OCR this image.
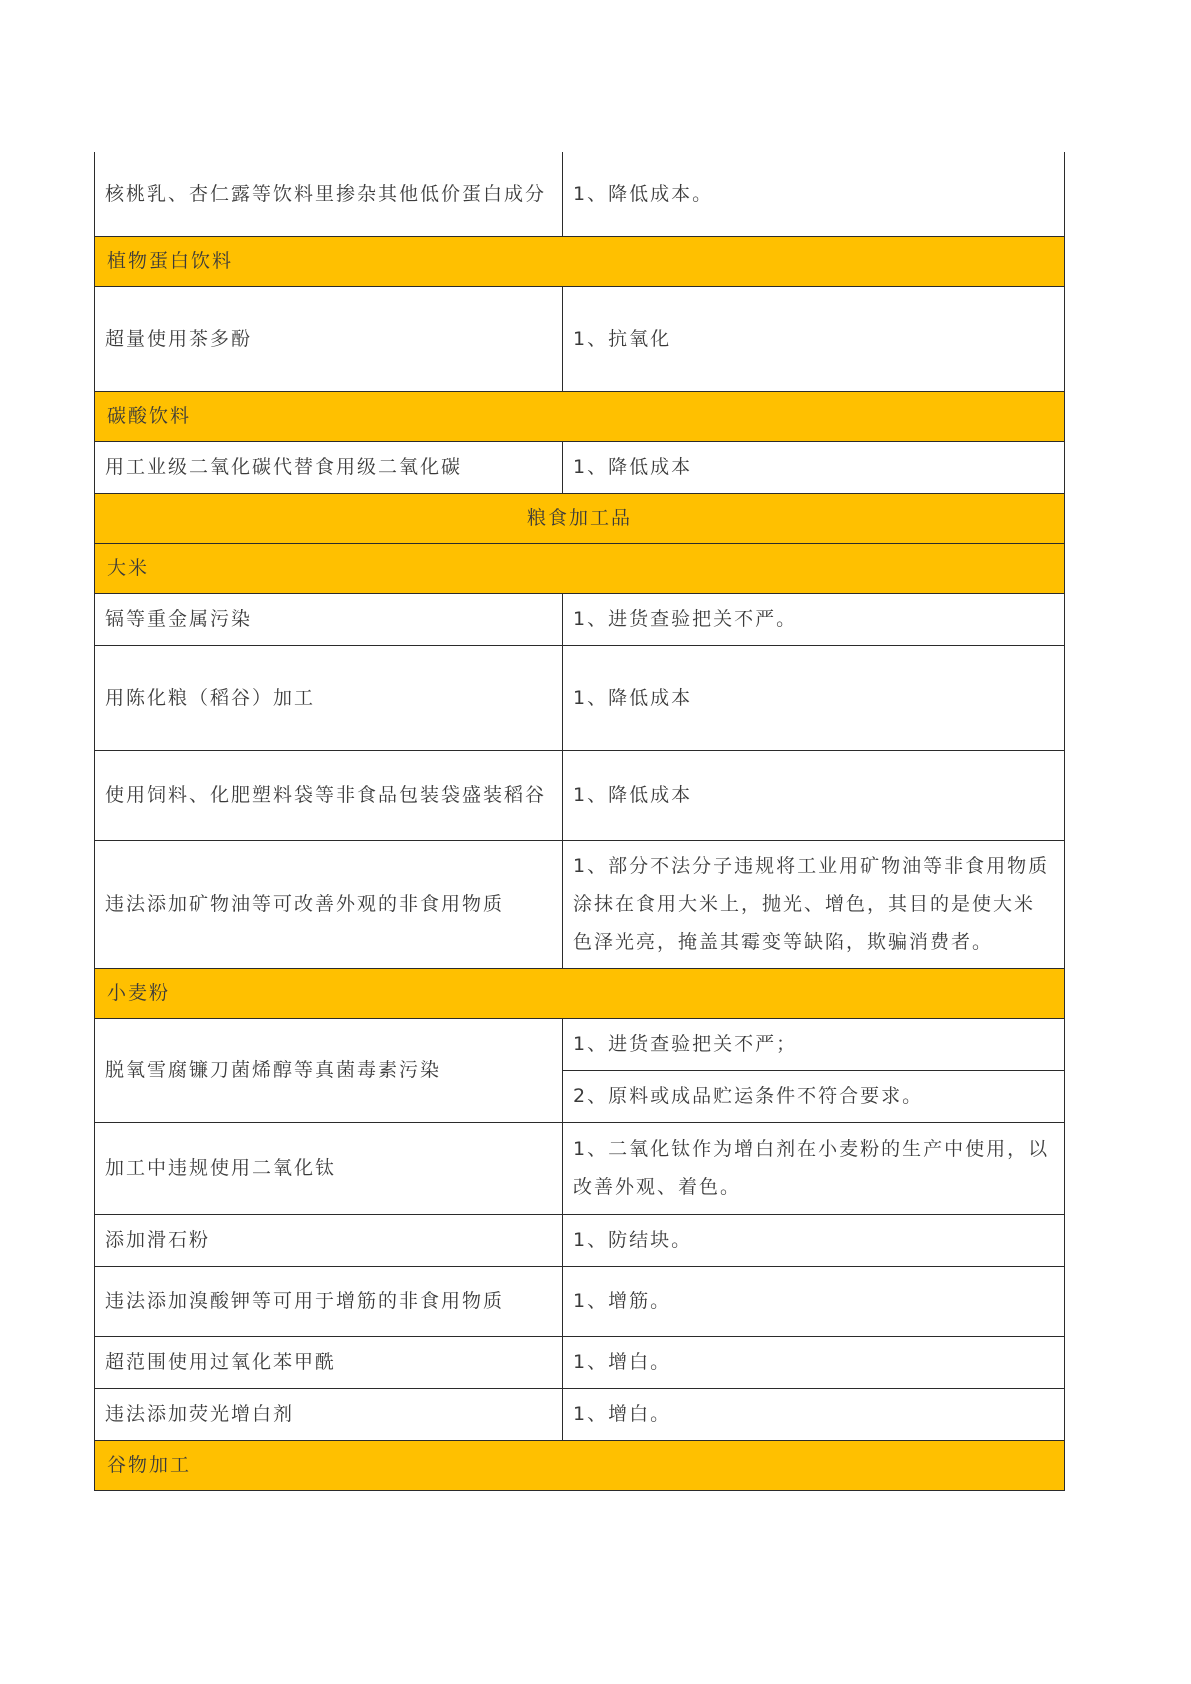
核桃乳、杏仁露等饮料里掺杂其他低价蛋白成分	1、降低成本。
植物蛋白饮料	
超量使用茶多酚	1、抗氧化
碳酸饮料	
用工业级二氧化碳代替食用级二氧化碳	1、降低成本
粮食加工品	
大米	
镉等重金属污染	1、进货查验把关不严。
用陈化粮（稻谷）加工	1、降低成本
使用饲料、化肥塑料袋等非食品包装袋盛装稻谷	1、降低成本
违法添加矿物油等可改善外观的非食用物质	1、部分不法分子违规将工业用矿物油等非食用物质涂抹在食用大米上，抛光、增色，其目的是使大米色泽光亮，掩盖其霉变等缺陷，欺骗消费者。
小麦粉	
脱氧雪腐镰刀菌烯醇等真菌毒素污染	1、进货查验把关不严；
	2、原料或成品贮运条件不符合要求。
加工中违规使用二氧化钛	1、二氧化钛作为增白剂在小麦粉的生产中使用，以改善外观、着色。
添加滑石粉	1、防结块。
违法添加溴酸钾等可用于增筋的非食用物质	1、增筋。
超范围使用过氧化苯甲酰	1、增白。
违法添加荧光增白剂	1、增白。
谷物加工	
